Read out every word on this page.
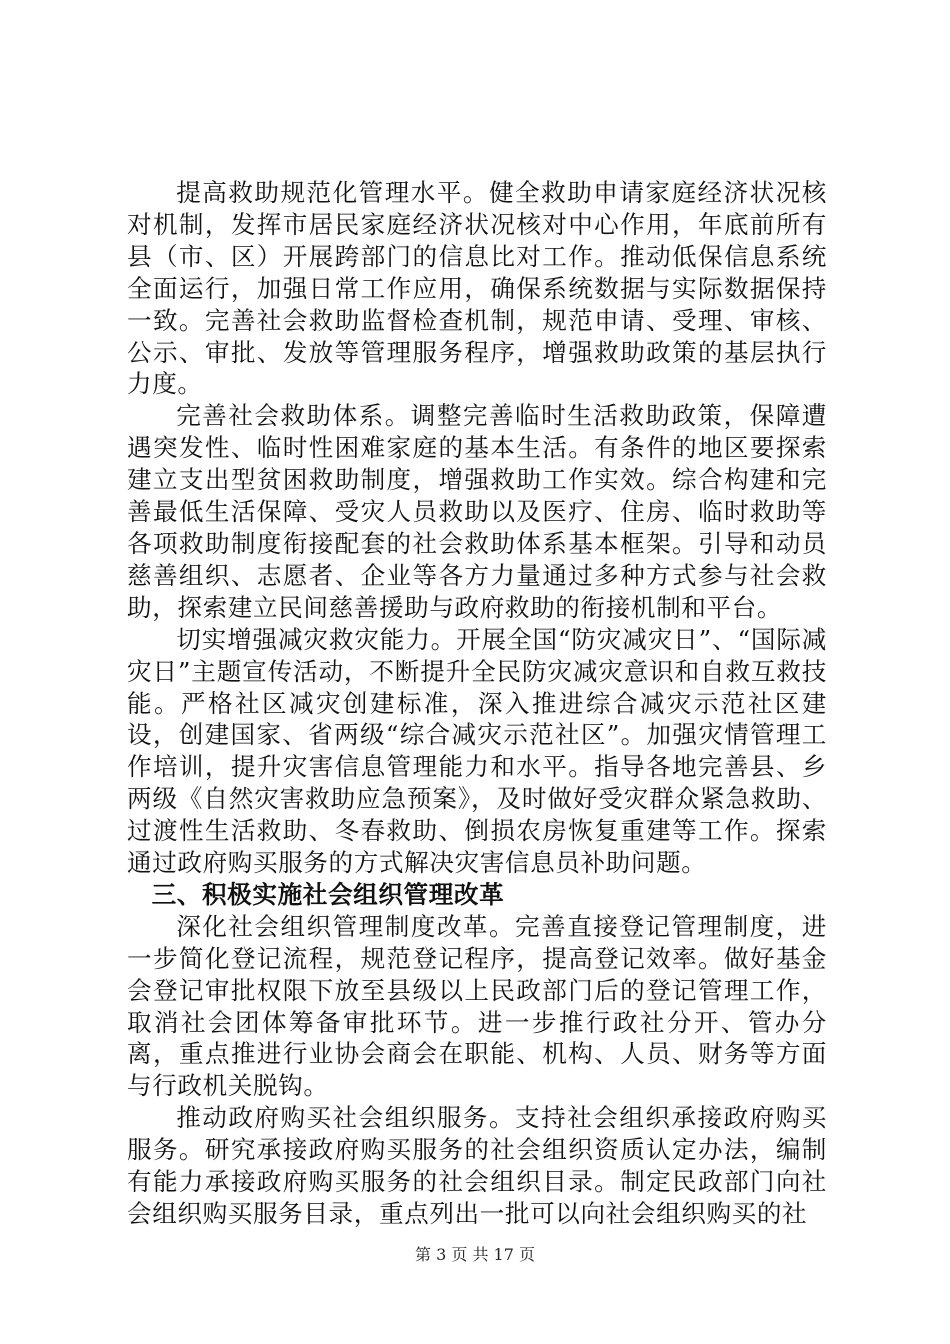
提高救助规范化管理水平。健全救助申请家庭经济状况核对机制，发挥市居民家庭经济状况核对中心作用，年底前所有县（市、区）开展跨部门的信息比对工作。推动低保信息系统全面运行，加强日常工作应用，确保系统数据与实际数据保持一致。完善社会救助监督检查机制，规范申请、受理、审核、公示、审批、发放等管理服务程序，增强救助政策的基层执行力度。

完善社会救助体系。调整完善临时生活救助政策，保障遭遇突发性、临时性困难家庭的基本生活。有条件的地区要探索建立支出型贫困救助制度，增强救助工作实效。综合构建和完善最低生活保障、受灾人员救助以及医疗、住房、临时救助等各项救助制度衔接配套的社会救助体系基本框架。引导和动员慈善组织、志愿者、企业等各方力量通过多种方式参与社会救助，探索建立民间慈善援助与政府救助的衔接机制和平台。

切实增强减灾救灾能力。开展全国“防灾减灾日”、“国际减灾日”主题宣传活动，不断提升全民防灾减灾意识和自救互救技能。严格社区减灾创建标准，深入推进综合减灾示范社区建设，创建国家、省两级“综合减灾示范社区”。加强灾情管理工作培训，提升灾害信息管理能力和水平。指导各地完善县、乡两级《自然灾害救助应急预案》，及时做好受灾群众紧急救助、过渡性生活救助、冬春救助、倒损农房恢复重建等工作。探索通过政府购买服务的方式解决灾害信息员补助问题。

三、积极实施社会组织管理改革

深化社会组织管理制度改革。完善直接登记管理制度，进一步简化登记流程，规范登记程序，提高登记效率。做好基金会登记审批权限下放至县级以上民政部门后的登记管理工作，取消社会团体筹备审批环节。进一步推行政社分开、管办分离，重点推进行业协会商会在职能、机构、人员、财务等方面与行政机关脱钩。

推动政府购买社会组织服务。支持社会组织承接政府购买服务。研究承接政府购买服务的社会组织资质认定办法，编制有能力承接政府购买服务的社会组织目录。制定民政部门向社会组织购买服务目录，重点列出一批可以向社会组织购买的社

第 3 页 共 17 页
